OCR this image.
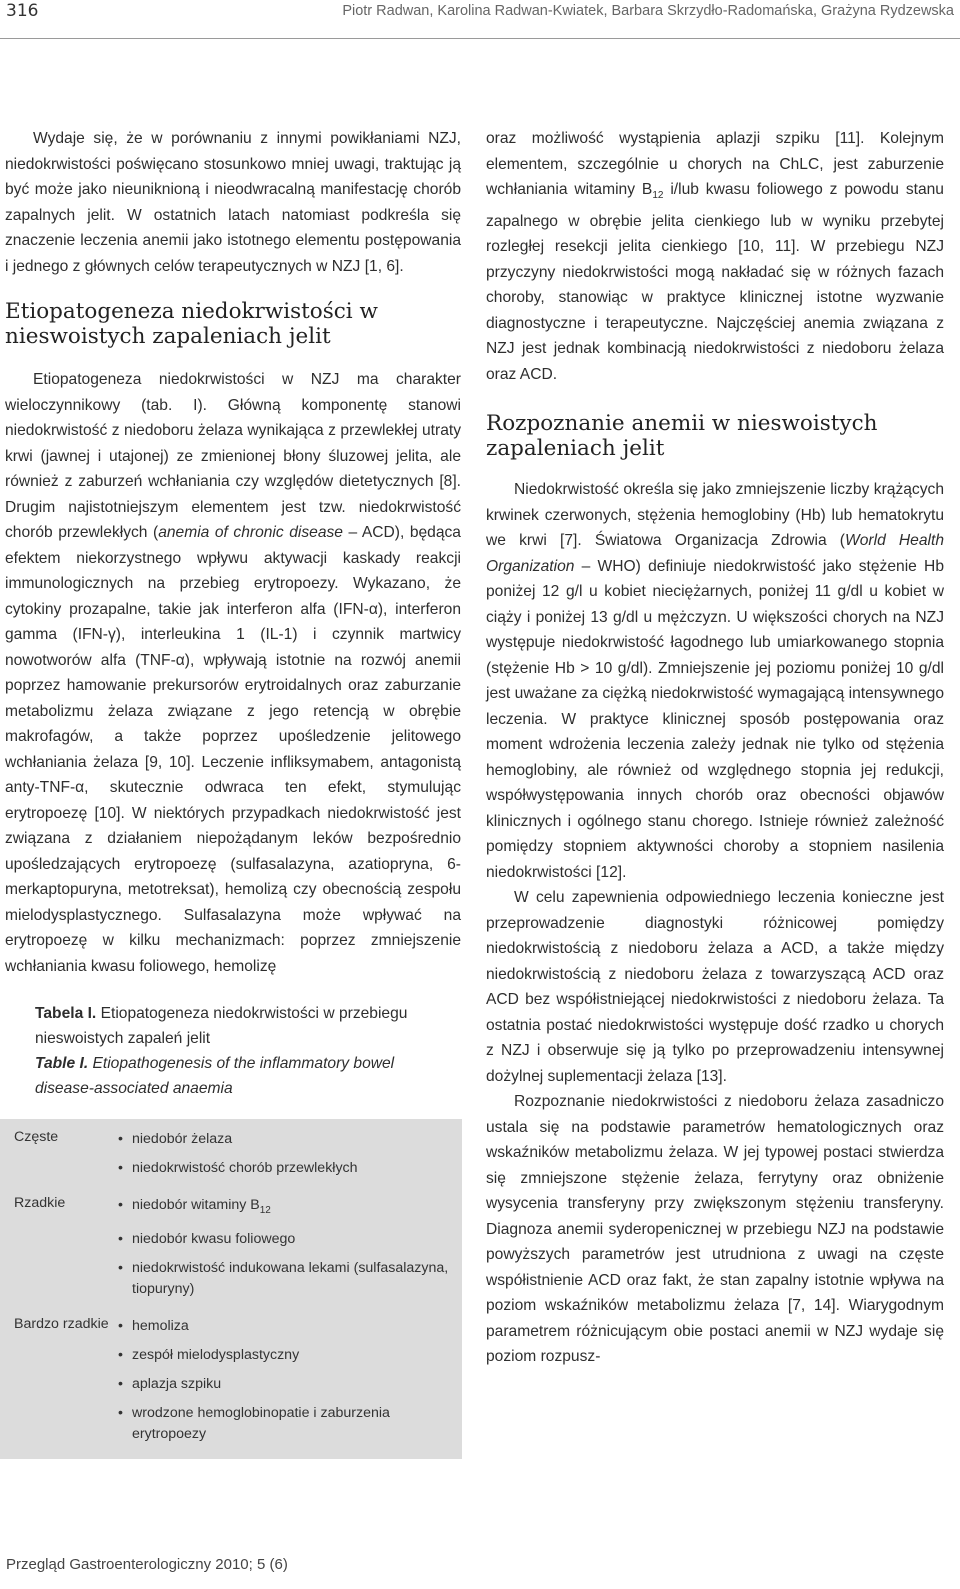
316	Piotr Radwan, Karolina Radwan-Kwiatek, Barbara Skrzydło-Radomańska, Grażyna Rydzewska

Wydaje się, że w porównaniu z innymi powikłaniami NZJ, niedokrwistości poświęcano stosunkowo mniej uwagi, traktując ją być może jako nieuniknioną i nieodwracalną manifestację chorób zapalnych jelit. W ostatnich latach natomiast podkreśla się znaczenie leczenia anemii jako istotnego elementu postępowania i jednego z głównych celów terapeutycznych w NZJ [1, 6].

Etiopatogeneza niedokrwistości w nieswoistych zapaleniach jelit

Etiopatogeneza niedokrwistości w NZJ ma charakter wieloczynnikowy (tab. I). Główną komponentę stanowi niedokrwistość z niedoboru żelaza wynikająca z przewlekłej utraty krwi (jawnej i utajonej) ze zmienionej błony śluzowej jelita, ale również z zaburzeń wchłaniania czy względów dietetycznych [8]. Drugim najistotniejszym elementem jest tzw. niedokrwistość chorób przewlekłych (anemia of chronic disease – ACD), będąca efektem niekorzystnego wpływu aktywacji kaskady reakcji immunologicznych na przebieg erytropoezy. Wykazano, że cytokiny prozapalne, takie jak interferon alfa (IFN-α), interferon gamma (IFN-γ), interleukina 1 (IL-1) i czynnik martwicy nowotworów alfa (TNF-α), wpływają istotnie na rozwój anemii poprzez hamowanie prekursorów erytroidalnych oraz zaburzanie metabolizmu żelaza związane z jego retencją w obrębie makrofagów, a także poprzez upośledzenie jelitowego wchłaniania żelaza [9, 10]. Leczenie infliksymabem, antagonistą anty-TNF-α, skutecznie odwraca ten efekt, stymulując erytropoezę [10]. W niektórych przypadkach niedokrwistość jest związana z działaniem niepożądanym leków bezpośrednio upośledzających erytropoezę (sulfasalazyna, azatiopryna, 6-merkaptopuryna, metotreksat), hemolizą czy obecnością zespołu mielodysplastycznego. Sulfasalazyna może wpływać na erytropoezę w kilku mechanizmach: poprzez zmniejszenie wchłaniania kwasu foliowego, hemolizę

Tabela I. Etiopatogeneza niedokrwistości w przebiegu nieswoistych zapaleń jelit
Table I. Etiopathogenesis of the inflammatory bowel disease-associated anaemia
Częste	• niedobór żelaza
• niedokrwistość chorób przewlekłych
Rzadkie	• niedobór witaminy $B_{12}$
• niedobór kwasu foliowego
• niedokrwistość indukowana lekami (sulfasalazyna, tiopuryny)
Bardzo rzadkie	• hemoliza
• zespół mielodysplastyczny
• aplazja szpiku
• wrodzone hemoglobinopatie i zaburzenia erytropoezy

oraz możliwość wystąpienia aplazji szpiku [11]. Kolejnym elementem, szczególnie u chorych na ChLC, jest zaburzenie wchłaniania witaminy $B_{12}$ i/lub kwasu foliowego z powodu stanu zapalnego w obrębie jelita cienkiego lub w wyniku przebytej rozległej resekcji jelita cienkiego [10, 11]. W przebiegu NZJ przyczyny niedokrwistości mogą nakładać się w różnych fazach choroby, stanowiąc w praktyce klinicznej istotne wyzwanie diagnostyczne i terapeutyczne. Najczęściej anemia związana z NZJ jest jednak kombinacją niedokrwistości z niedoboru żelaza oraz ACD.

Rozpoznanie anemii w nieswoistych zapaleniach jelit

Niedokrwistość określa się jako zmniejszenie liczby krążących krwinek czerwonych, stężenia hemoglobiny (Hb) lub hematokrytu we krwi [7]. Światowa Organizacja Zdrowia (World Health Organization – WHO) definiuje niedokrwistość jako stężenie Hb poniżej 12 g/l u kobiet nieciężarnych, poniżej 11 g/dl u kobiet w ciąży i poniżej 13 g/dl u mężczyzn. U większości chorych na NZJ występuje niedokrwistość łagodnego lub umiarkowanego stopnia (stężenie Hb > 10 g/dl). Zmniejszenie jej poziomu poniżej 10 g/dl jest uważane za ciężką niedokrwistość wymagającą intensywnego leczenia. W praktyce klinicznej sposób postępowania oraz moment wdrożenia leczenia zależy jednak nie tylko od stężenia hemoglobiny, ale również od względnego stopnia jej redukcji, współwystępowania innych chorób oraz obecności objawów klinicznych i ogólnego stanu chorego. Istnieje również zależność pomiędzy stopniem aktywności choroby a stopniem nasilenia niedokrwistości [12].

W celu zapewnienia odpowiedniego leczenia konieczne jest przeprowadzenie diagnostyki różnicowej pomiędzy niedokrwistością z niedoboru żelaza a ACD, a także między niedokrwistością z niedoboru żelaza z towarzyszącą ACD oraz ACD bez współistniejącej niedokrwistości z niedoboru żelaza. Ta ostatnia postać niedokrwistości występuje dość rzadko u chorych z NZJ i obserwuje się ją tylko po przeprowadzeniu intensywnej dożylnej suplementacji żelaza [13].

Rozpoznanie niedokrwistości z niedoboru żelaza zasadniczo ustala się na podstawie parametrów hematologicznych oraz wskaźników metabolizmu żelaza. W jej typowej postaci stwierdza się zmniejszone stężenie żelaza, ferrytyny oraz obniżenie wysycenia transferyny przy zwiększonym stężeniu transferyny. Diagnoza anemii syderopenicznej w przebiegu NZJ na podstawie powyższych parametrów jest utrudniona z uwagi na częste współistnienie ACD oraz fakt, że stan zapalny istotnie wpływa na poziom wskaźników metabolizmu żelaza [7, 14]. Wiarygodnym parametrem różnicującym obie postaci anemii w NZJ wydaje się poziom rozpusz-

Przegląd Gastroenterologiczny 2010; 5 (6)
